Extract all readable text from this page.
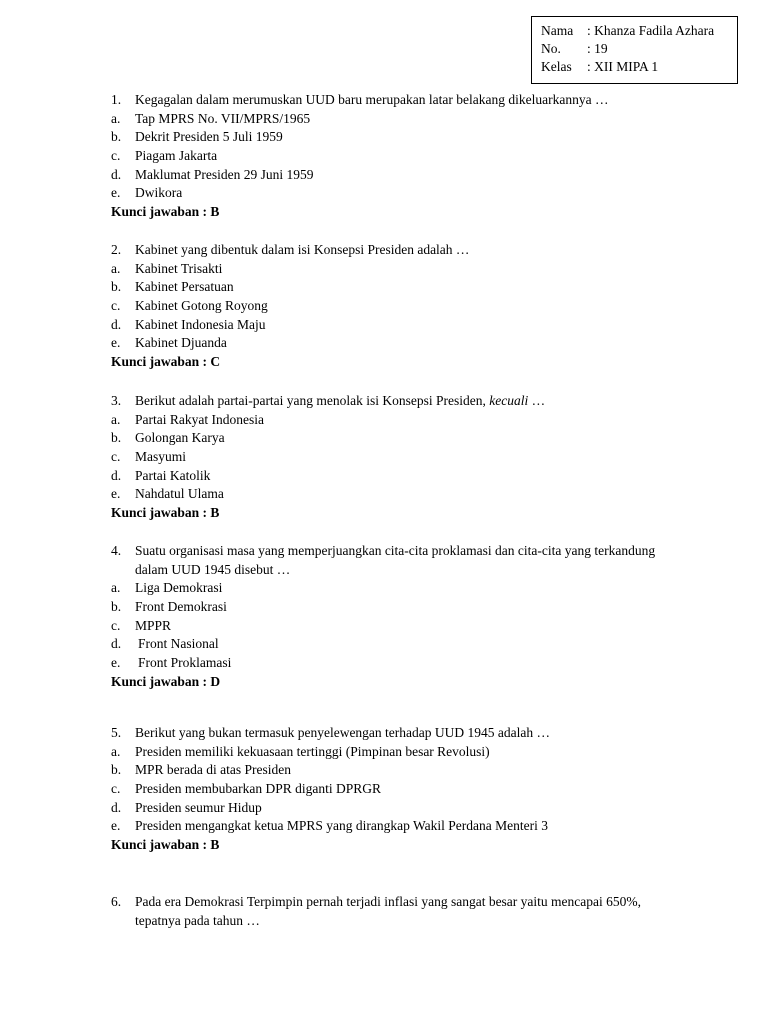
Nama	: Khanza Fadila Azhara
No.	: 19
Kelas	: XII MIPA 1
1.	Kegagalan dalam merumuskan UUD baru merupakan latar belakang dikeluarkannya …
a.	Tap MPRS No. VII/MPRS/1965
b.	Dekrit Presiden 5 Juli 1959
c.	Piagam Jakarta
d.	Maklumat Presiden 29 Juni 1959
e.	Dwikora
Kunci jawaban : B
2.	Kabinet yang dibentuk dalam isi Konsepsi Presiden adalah …
a.	Kabinet Trisakti
b.	Kabinet Persatuan
c.	Kabinet Gotong Royong
d.	Kabinet Indonesia Maju
e.	Kabinet Djuanda
Kunci jawaban : C
3.	Berikut adalah partai-partai yang menolak isi Konsepsi Presiden, kecuali …
a.	Partai Rakyat Indonesia
b.	Golongan Karya
c.	Masyumi
d.	Partai Katolik
e.	Nahdatul Ulama
Kunci jawaban : B
4.	Suatu organisasi masa yang memperjuangkan cita-cita proklamasi dan cita-cita yang terkandung dalam UUD 1945 disebut …
a.	Liga Demokrasi
b.	Front Demokrasi
c.	MPPR
d.	Front Nasional
e.	Front Proklamasi
Kunci jawaban : D
5.	Berikut yang bukan termasuk penyelewengan terhadap UUD 1945 adalah …
a.	Presiden memiliki kekuasaan tertinggi (Pimpinan besar Revolusi)
b.	MPR berada di atas Presiden
c.	Presiden membubarkan DPR diganti DPRGR
d.	Presiden seumur Hidup
e.	Presiden mengangkat ketua MPRS yang dirangkap Wakil Perdana Menteri 3
Kunci jawaban : B
6.	Pada era Demokrasi Terpimpin pernah terjadi inflasi yang sangat besar yaitu mencapai 650%, tepatnya pada tahun …
